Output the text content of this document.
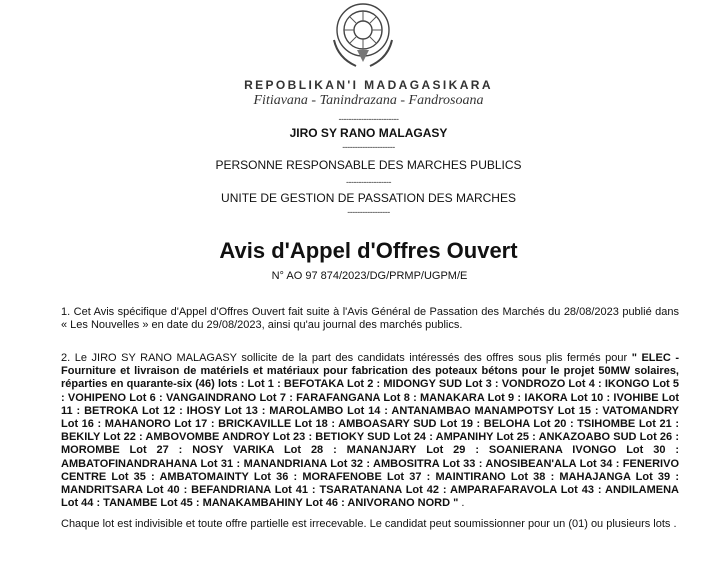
REPOBLIKAN'I MADAGASIKARA
Fitiavana - Tanindrazana - Fandrosoana
------------------------
JIRO SY RANO MALAGASY
---------------------
PERSONNE RESPONSABLE DES MARCHES PUBLICS
------------------
UNITE DE GESTION DE PASSATION DES MARCHES
-----------------
Avis d'Appel d'Offres Ouvert
N° AO 97 874/2023/DG/PRMP/UGPM/E
1. Cet Avis spécifique d'Appel d'Offres Ouvert fait suite à l'Avis Général de Passation des Marchés du 28/08/2023 publié dans « Les Nouvelles » en date du 29/08/2023, ainsi qu'au journal des marchés publics.
2. Le JIRO SY RANO MALAGASY sollicite de la part des candidats intéressés des offres sous plis fermés pour " ELEC - Fourniture et livraison de matériels et matériaux pour fabrication des poteaux bétons pour le projet 50MW solaires, réparties en quarante-six (46) lots : Lot 1 : BEFOTAKA Lot 2 : MIDONGY SUD Lot 3 : VONDROZO Lot 4 : IKONGO Lot 5 : VOHIPENO Lot 6 : VANGAINDRANO Lot 7 : FARAFANGANA Lot 8 : MANAKARA Lot 9 : IAKORA Lot 10 : IVOHIBE Lot 11 : BETROKA Lot 12 : IHOSY Lot 13 : MAROLAMBO Lot 14 : ANTANAMBAO MANAMPOTSY Lot 15 : VATOMANDRY Lot 16 : MAHANORO Lot 17 : BRICKAVILLE Lot 18 : AMBOASARY SUD Lot 19 : BELOHA Lot 20 : TSIHOMBE Lot 21 : BEKILY Lot 22 : AMBOVOMBE ANDROY Lot 23 : BETIOKY SUD Lot 24 : AMPANIHY Lot 25 : ANKAZOABO SUD Lot 26 : MOROMBE Lot 27 : NOSY VARIKA Lot 28 : MANANJARY Lot 29 : SOANIERANA IVONGO Lot 30 : AMBATOFINANDRAHANA Lot 31 : MANANDRIANA Lot 32 : AMBOSITRA Lot 33 : ANOSIBEAN'ALA Lot 34 : FENERIVO CENTRE Lot 35 : AMBATOMAINTY Lot 36 : MORAFENOBE Lot 37 : MAINTIRANO Lot 38 : MAHAJANGA Lot 39 : MANDRITSARA Lot 40 : BEFANDRIANA Lot 41 : TSARATANANA Lot 42 : AMPARAFARAVOLA Lot 43 : ANDILAMENA Lot 44 : TANAMBE Lot 45 : MANAKAMBAHINY Lot 46 : ANIVORANO NORD " .
Chaque lot est indivisible et toute offre partielle est irrecevable. Le candidat peut soumissionner pour un (01) ou plusieurs lots .
